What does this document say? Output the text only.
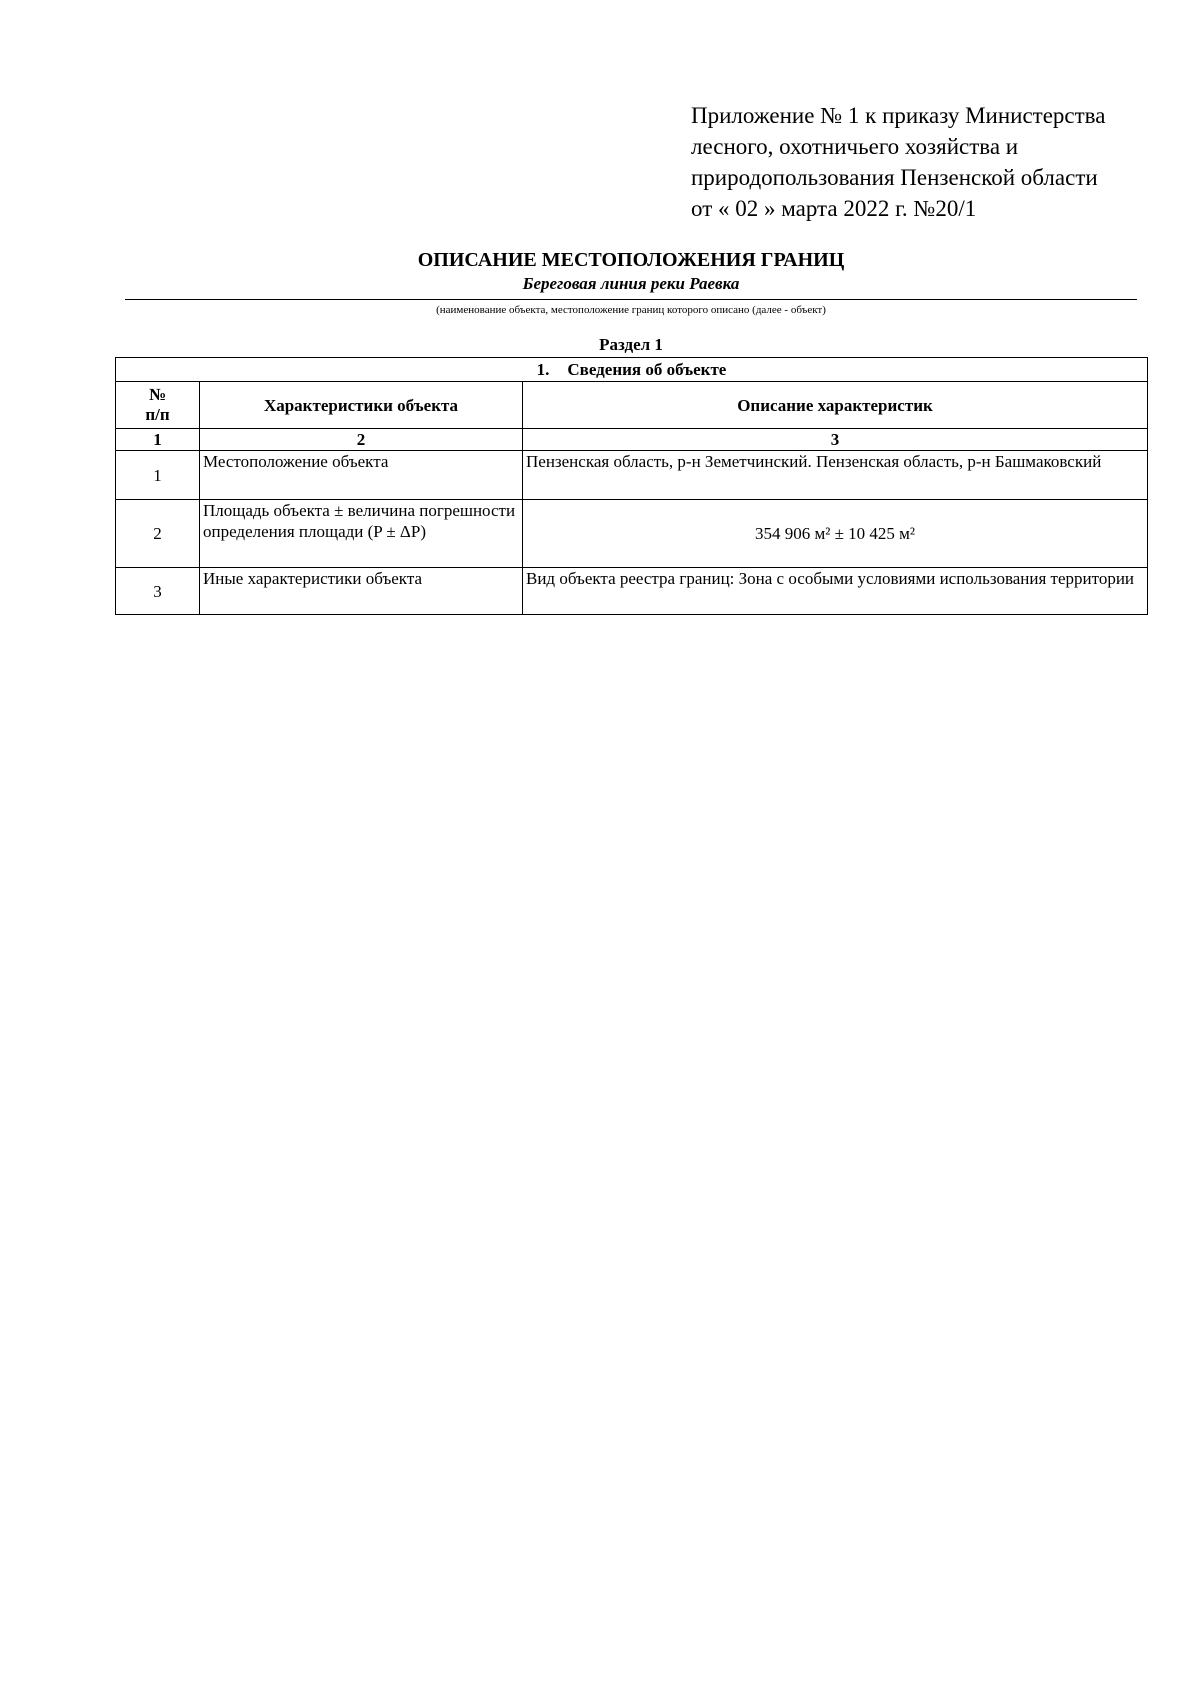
Приложение № 1 к приказу Министерства
лесного, охотничьего хозяйства и
природопользования Пензенской области
от « 02 » марта 2022 г. №20/1
ОПИСАНИЕ МЕСТОПОЛОЖЕНИЯ ГРАНИЦ
Береговая линия реки Раевка
(наименование объекта, местоположение границ которого описано (далее - объект)
Раздел 1
1. Сведения об объекте		

№
п/п	Характеристики объекта	Описание характеристик
1	2	3
1	Местоположение объекта	Пензенская область, р-н Земетчинский. Пензенская область, р-н Башмаковский
2	Площадь объекта ± величина погрешности определения площади (P ± ΔP)	354 906 м² ± 10 425 м²
3	Иные характеристики объекта	Вид объекта реестра границ: Зона с особыми условиями использования территории
